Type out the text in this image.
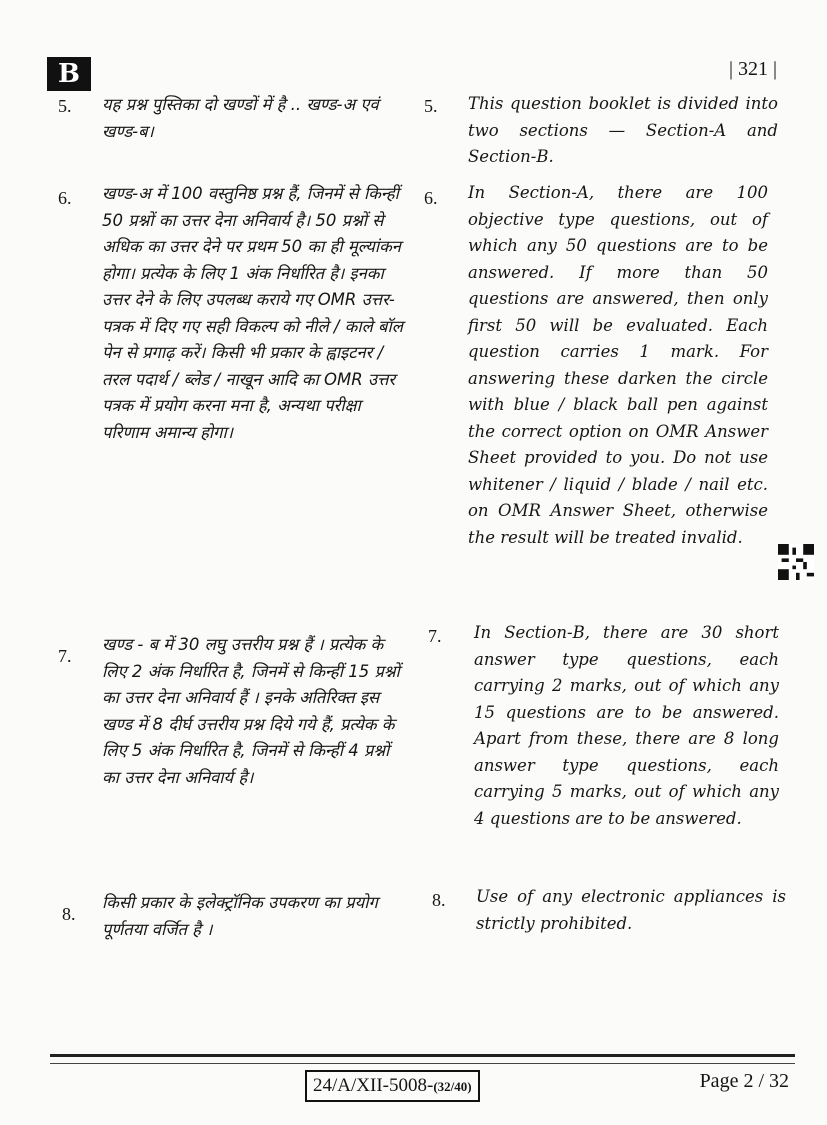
B	| 321 |
5. यह प्रश्न पुस्तिका दो खण्डों में है .. खण्ड-अ एवं खण्ड-ब।
5. This question booklet is divided into two sections — Section-A and Section-B.
6. खण्ड-अ में 100 वस्तुनिष्ठ प्रश्न हैं, जिनमें से किन्हीं 50 प्रश्नों का उत्तर देना अनिवार्य है। 50 प्रश्नों से अधिक का उत्तर देने पर प्रथम 50 का ही मूल्यांकन होगा। प्रत्येक के लिए 1 अंक निर्धारित है। इनका उत्तर देने के लिए उपलब्ध कराये गए OMR उत्तर-पत्रक में दिए गए सही विकल्प को नीले / काले बॉल पेन से प्रगाढ़ करें। किसी भी प्रकार के ह्वाइटनर / तरल पदार्थ / ब्लेड / नाखून आदि का OMR उत्तर पत्रक में प्रयोग करना मना है, अन्यथा परीक्षा परिणाम अमान्य होगा।
6. In Section-A, there are 100 objective type questions, out of which any 50 questions are to be answered. If more than 50 questions are answered, then only first 50 will be evaluated. Each question carries 1 mark. For answering these darken the circle with blue / black ball pen against the correct option on OMR Answer Sheet provided to you. Do not use whitener / liquid / blade / nail etc. on OMR Answer Sheet, otherwise the result will be treated invalid.
7.
खण्ड - ब में 30 लघु उत्तरीय प्रश्न हैं । प्रत्येक के लिए 2 अंक निर्धारित है, जिनमें से किन्हीं 15 प्रश्नों का उत्तर देना अनिवार्य हैं । इनके अतिरिक्त इस खण्ड में 8 दीर्घ उत्तरीय प्रश्न दिये गये हैं, प्रत्येक के लिए 5 अंक निर्धारित है, जिनमें से किन्हीं 4 प्रश्नों का उत्तर देना अनिवार्य है।
7. In Section-B, there are 30 short answer type questions, each carrying 2 marks, out of which any 15 questions are to be answered. Apart from these, there are 8 long answer type questions, each carrying 5 marks, out of which any 4 questions are to be answered.
8.
किसी प्रकार के इलेक्ट्रॉनिक उपकरण का प्रयोग पूर्णतया वर्जित है ।
8. Use of any electronic appliances is strictly prohibited.
24/A/XII-5008-(32/40)	Page 2 / 32
